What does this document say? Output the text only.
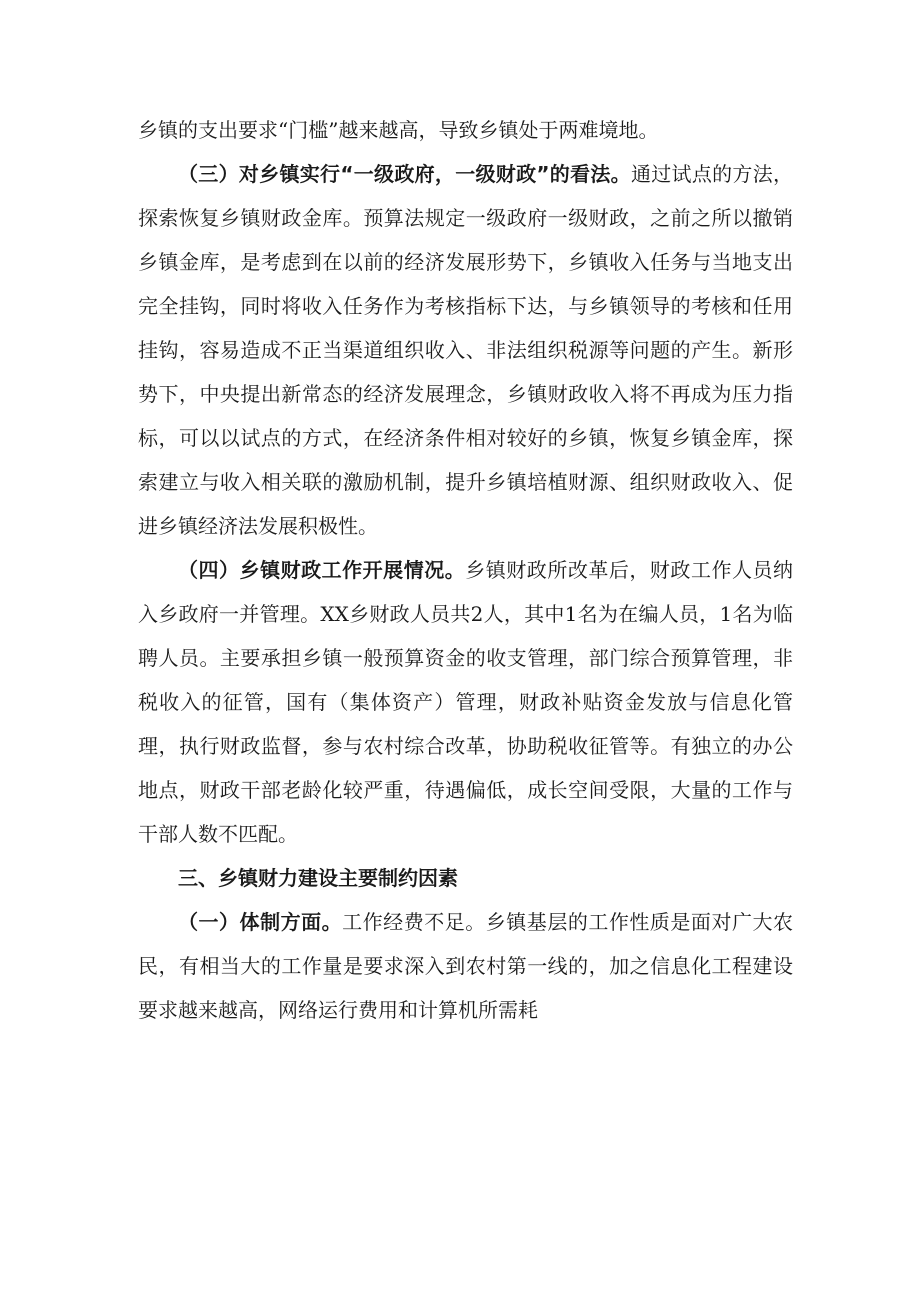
乡镇的支出要求“门槛”越来越高，导致乡镇处于两难境地。

（三）对乡镇实行“一级政府，一级财政”的看法。通过试点的方法，探索恢复乡镇财政金库。预算法规定一级政府一级财政，之前之所以撤销乡镇金库，是考虑到在以前的经济发展形势下，乡镇收入任务与当地支出完全挂钩，同时将收入任务作为考核指标下达，与乡镇领导的考核和任用挂钩，容易造成不正当渠道组织收入、非法组织税源等问题的产生。新形势下，中央提出新常态的经济发展理念，乡镇财政收入将不再成为压力指标，可以以试点的方式，在经济条件相对较好的乡镇，恢复乡镇金库，探索建立与收入相关联的激励机制，提升乡镇培植财源、组织财政收入、促进乡镇经济法发展积极性。

（四）乡镇财政工作开展情况。乡镇财政所改革后，财政工作人员纳入乡政府一并管理。XX乡财政人员共2人，其中1名为在编人员，1名为临聘人员。主要承担乡镇一般预算资金的收支管理，部门综合预算管理，非税收入的征管，国有（集体资产）管理，财政补贴资金发放与信息化管理，执行财政监督，参与农村综合改革，协助税收征管等。有独立的办公地点，财政干部老龄化较严重，待遇偏低，成长空间受限，大量的工作与干部人数不匹配。

三、乡镇财力建设主要制约因素

（一）体制方面。工作经费不足。乡镇基层的工作性质是面对广大农民，有相当大的工作量是要求深入到农村第一线的，加之信息化工程建设要求越来越高，网络运行费用和计算机所需耗
